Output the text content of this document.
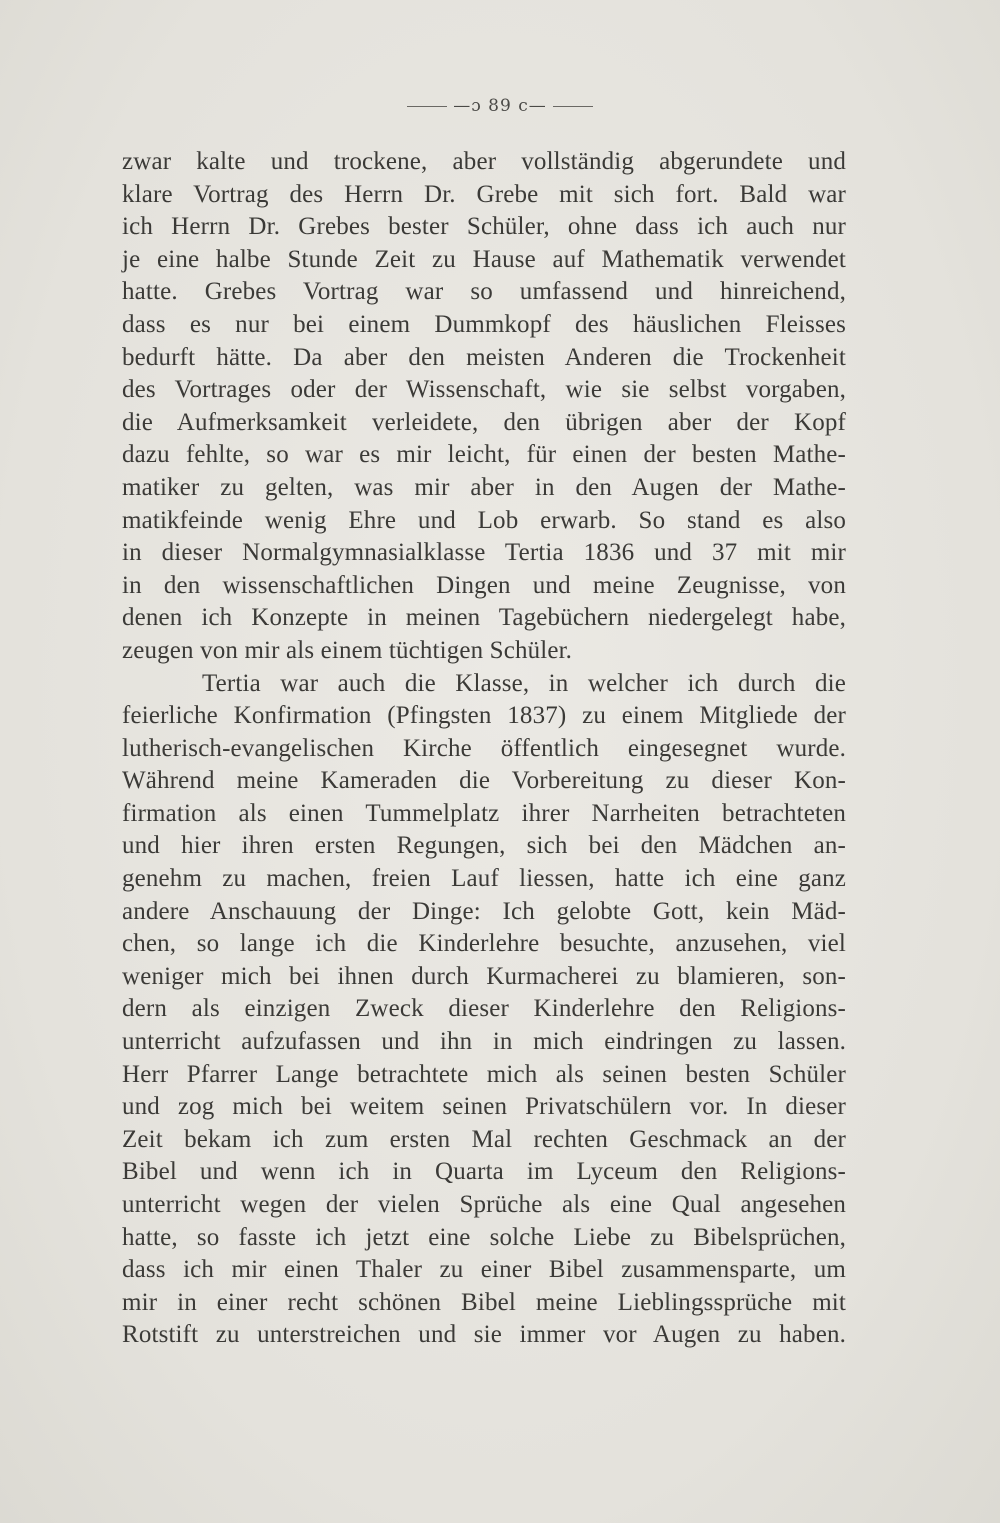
—ɔ 89 c—
zwar kalte und trockene, aber vollständig abgerundete und
klare Vortrag des Herrn Dr. Grebe mit sich fort. Bald war
ich Herrn Dr. Grebes bester Schüler, ohne dass ich auch nur
je eine halbe Stunde Zeit zu Hause auf Mathematik verwendet
hatte. Grebes Vortrag war so umfassend und hinreichend,
dass es nur bei einem Dummkopf des häuslichen Fleisses
bedurft hätte. Da aber den meisten Anderen die Trockenheit
des Vortrages oder der Wissenschaft, wie sie selbst vorgaben,
die Aufmerksamkeit verleidete, den übrigen aber der Kopf
dazu fehlte, so war es mir leicht, für einen der besten Mathe-
matiker zu gelten, was mir aber in den Augen der Mathe-
matikfeinde wenig Ehre und Lob erwarb. So stand es also
in dieser Normalgymnasialklasse Tertia 1836 und 37 mit mir
in den wissenschaftlichen Dingen und meine Zeugnisse, von
denen ich Konzepte in meinen Tagebüchern niedergelegt habe,
zeugen von mir als einem tüchtigen Schüler.
Tertia war auch die Klasse, in welcher ich durch die
feierliche Konfirmation (Pfingsten 1837) zu einem Mitgliede der
lutherisch-evangelischen Kirche öffentlich eingesegnet wurde.
Während meine Kameraden die Vorbereitung zu dieser Kon-
firmation als einen Tummelplatz ihrer Narrheiten betrachteten
und hier ihren ersten Regungen, sich bei den Mädchen an-
genehm zu machen, freien Lauf liessen, hatte ich eine ganz
andere Anschauung der Dinge: Ich gelobte Gott, kein Mäd-
chen, so lange ich die Kinderlehre besuchte, anzusehen, viel
weniger mich bei ihnen durch Kurmacherei zu blamieren, son-
dern als einzigen Zweck dieser Kinderlehre den Religions-
unterricht aufzufassen und ihn in mich eindringen zu lassen.
Herr Pfarrer Lange betrachtete mich als seinen besten Schüler
und zog mich bei weitem seinen Privatschülern vor. In dieser
Zeit bekam ich zum ersten Mal rechten Geschmack an der
Bibel und wenn ich in Quarta im Lyceum den Religions-
unterricht wegen der vielen Sprüche als eine Qual angesehen
hatte, so fasste ich jetzt eine solche Liebe zu Bibelsprüchen,
dass ich mir einen Thaler zu einer Bibel zusammensparte, um
mir in einer recht schönen Bibel meine Lieblingssprüche mit
Rotstift zu unterstreichen und sie immer vor Augen zu haben.
